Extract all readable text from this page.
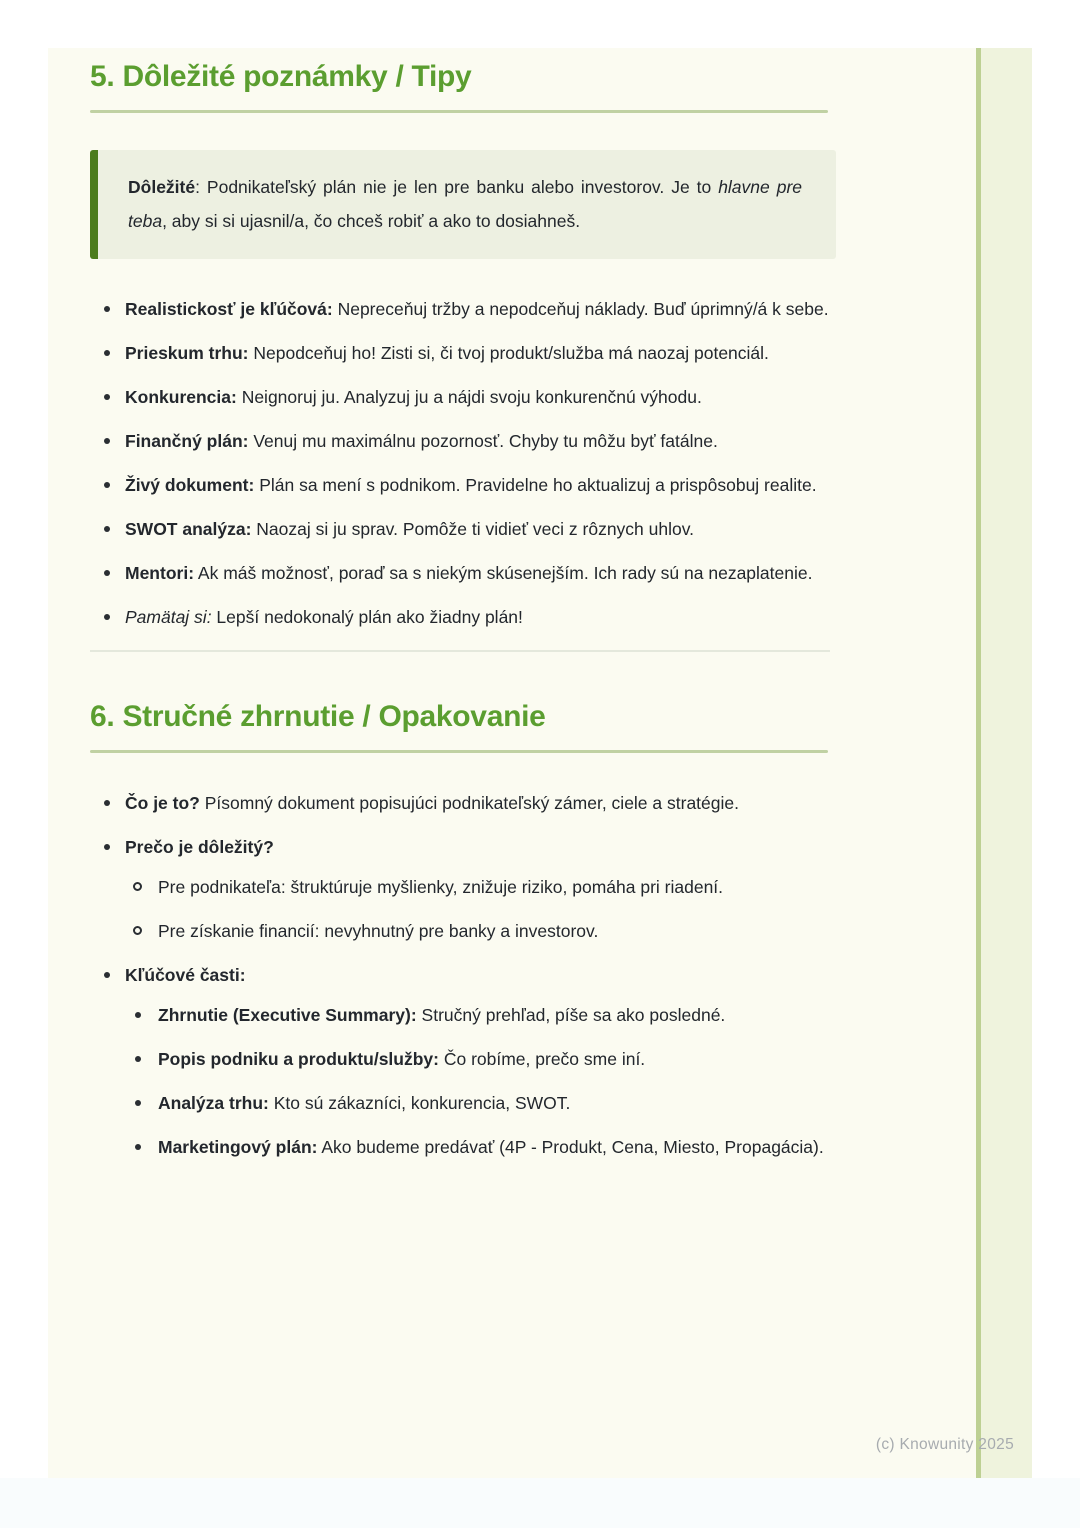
5. Dôležité poznámky / Tipy
Dôležité: Podnikateľský plán nie je len pre banku alebo investorov. Je to hlavne pre teba, aby si si ujasnil/a, čo chceš robiť a ako to dosiahneš.
Realistickosť je kľúčová: Nepreceňuj tržby a nepodceňuj náklady. Buď úprimný/á k sebe.
Prieskum trhu: Nepodceňuj ho! Zisti si, či tvoj produkt/služba má naozaj potenciál.
Konkurencia: Neignoruj ju. Analyzuj ju a nájdi svoju konkurenčnú výhodu.
Finančný plán: Venuj mu maximálnu pozornosť. Chyby tu môžu byť fatálne.
Živý dokument: Plán sa mení s podnikom. Pravidelne ho aktualizuj a prispôsobuj realite.
SWOT analýza: Naozaj si ju sprav. Pomôže ti vidieť veci z rôznych uhlov.
Mentori: Ak máš možnosť, poraď sa s niekým skúsenejším. Ich rady sú na nezaplatenie.
Pamätaj si: Lepší nedokonalý plán ako žiadny plán!
6. Stručné zhrnutie / Opakovanie
Čo je to? Písomný dokument popisujúci podnikateľský zámer, ciele a stratégie.
Prečo je dôležitý?
Pre podnikateľa: štruktúruje myšlienky, znižuje riziko, pomáha pri riadení.
Pre získanie financií: nevyhnutný pre banky a investorov.
Kľúčové časti:
Zhrnutie (Executive Summary): Stručný prehľad, píše sa ako posledné.
Popis podniku a produktu/služby: Čo robíme, prečo sme iní.
Analýza trhu: Kto sú zákazníci, konkurencia, SWOT.
Marketingový plán: Ako budeme predávať (4P - Produkt, Cena, Miesto, Propagácia).
(c) Knowunity 2025
